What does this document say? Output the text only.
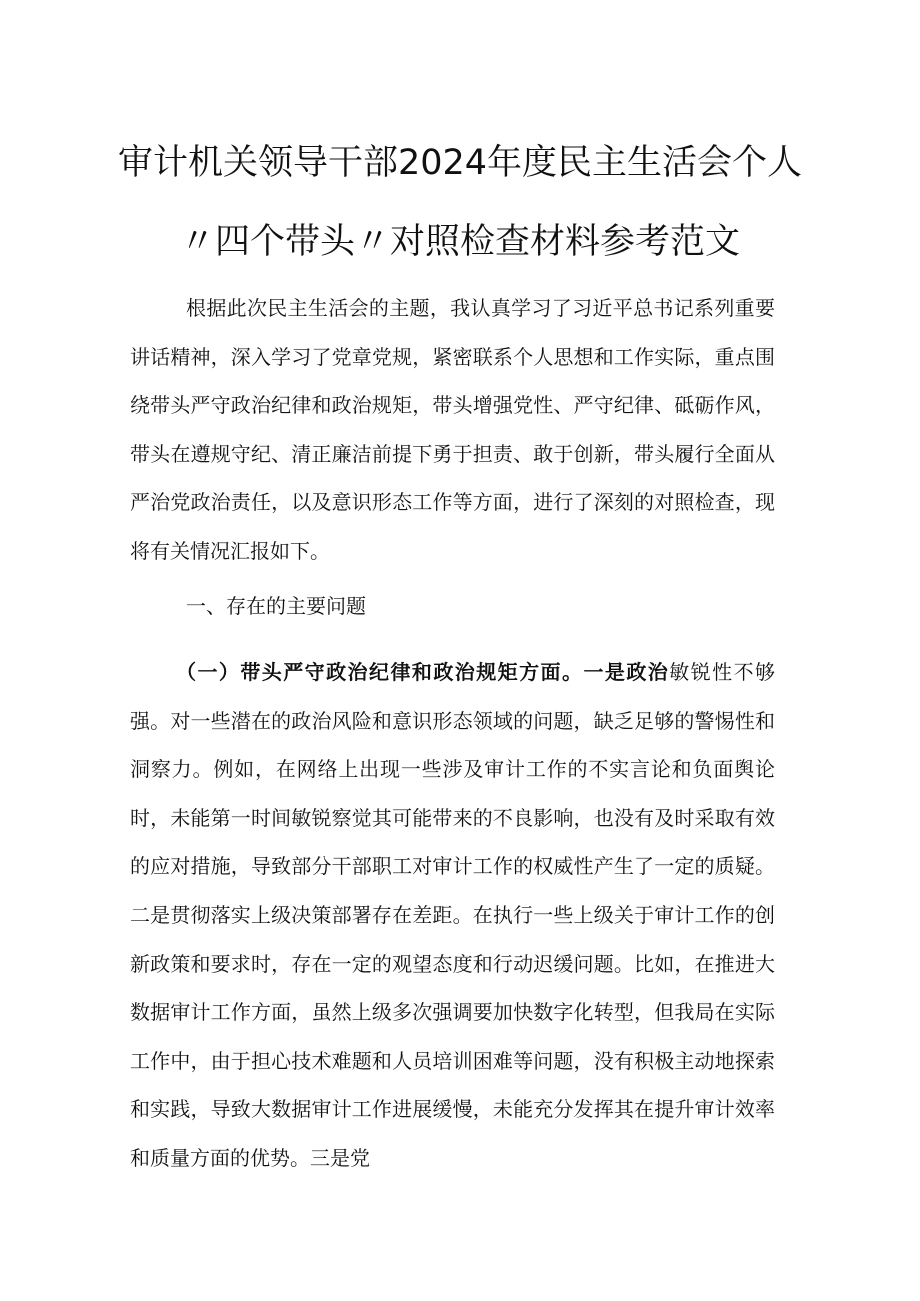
审计机关领导干部2024年度民主生活会个人
〃四个带头〃对照检查材料参考范文
根据此次民主生活会的主题，我认真学习了习近平总书记系列重要讲话精神，深入学习了党章党规，紧密联系个人思想和工作实际，重点围绕带头严守政治纪律和政治规矩，带头增强党性、严守纪律、砥砺作风，带头在遵规守纪、清正廉洁前提下勇于担责、敢于创新，带头履行全面从严治党政治责任，以及意识形态工作等方面，进行了深刻的对照检查，现将有关情况汇报如下。
一、存在的主要问题
（一）带头严守政治纪律和政治规矩方面。一是政治敏锐性不够强。对一些潜在的政治风险和意识形态领域的问题，缺乏足够的警惕性和洞察力。例如，在网络上出现一些涉及审计工作的不实言论和负面舆论时，未能第一时间敏锐察觉其可能带来的不良影响，也没有及时采取有效的应对措施，导致部分干部职工对审计工作的权威性产生了一定的质疑。二是贯彻落实上级决策部署存在差距。在执行一些上级关于审计工作的创新政策和要求时，存在一定的观望态度和行动迟缓问题。比如，在推进大数据审计工作方面，虽然上级多次强调要加快数字化转型，但我局在实际工作中，由于担心技术难题和人员培训困难等问题，没有积极主动地探索和实践，导致大数据审计工作进展缓慢，未能充分发挥其在提升审计效率和质量方面的优势。三是党
